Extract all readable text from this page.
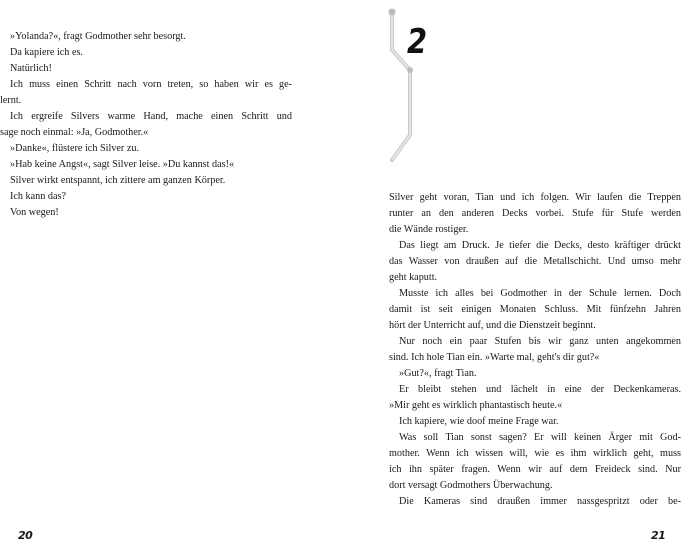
2
»Yolanda?«, fragt Godmother sehr besorgt.
Da kapiere ich es.
Natürlich!
Ich muss einen Schritt nach vorn treten, so haben wir es ge-
lernt.
Ich ergreife Silvers warme Hand, mache einen Schritt und
sage noch einmal: »Ja, Godmother.«
»Danke«, flüstere ich Silver zu.
»Hab keine Angst«, sagt Silver leise. »Du kannst das!«
Silver wirkt entspannt, ich zittere am ganzen Körper.
Ich kann das?
Von wegen!
20
Silver geht voran, Tian und ich folgen. Wir laufen die Treppen
runter an den anderen Decks vorbei. Stufe für Stufe werden
die Wände rostiger.
Das liegt am Druck. Je tiefer die Decks, desto kräftiger drückt
das Wasser von draußen auf die Metallschicht. Und umso mehr
geht kaputt.
Musste ich alles bei Godmother in der Schule lernen. Doch
damit ist seit einigen Monaten Schluss. Mit fünfzehn Jahren
hört der Unterricht auf, und die Dienstzeit beginnt.
Nur noch ein paar Stufen bis wir ganz unten angekommen
sind. Ich hole Tian ein. »Warte mal, geht's dir gut?«
»Gut?«, fragt Tian.
Er bleibt stehen und lächelt in eine der Deckenkameras.
»Mir geht es wirklich phantastisch heute.«
Ich kapiere, wie doof meine Frage war.
Was soll Tian sonst sagen? Er will keinen Ärger mit God-
mother. Wenn ich wissen will, wie es ihm wirklich geht, muss
ich ihn später fragen. Wenn wir auf dem Freideck sind. Nur
dort versagt Godmothers Überwachung.
Die Kameras sind draußen immer nassgespritzt oder be-
21
